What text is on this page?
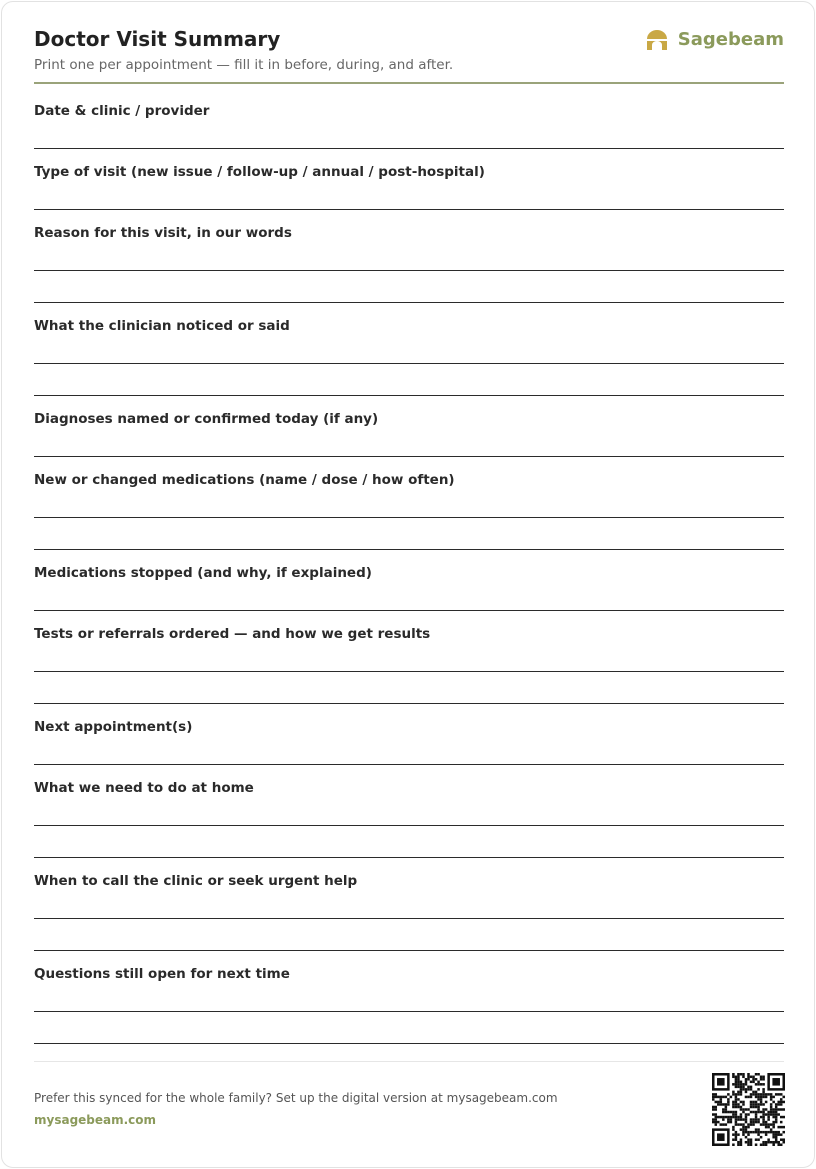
Doctor Visit Summary
Print one per appointment — fill it in before, during, and after.
Sagebeam
Date & clinic / provider
Type of visit (new issue / follow-up / annual / post-hospital)
Reason for this visit, in our words
What the clinician noticed or said
Diagnoses named or confirmed today (if any)
New or changed medications (name / dose / how often)
Medications stopped (and why, if explained)
Tests or referrals ordered — and how we get results
Next appointment(s)
What we need to do at home
When to call the clinic or seek urgent help
Questions still open for next time
Prefer this synced for the whole family? Set up the digital version at mysagebeam.com
mysagebeam.com
